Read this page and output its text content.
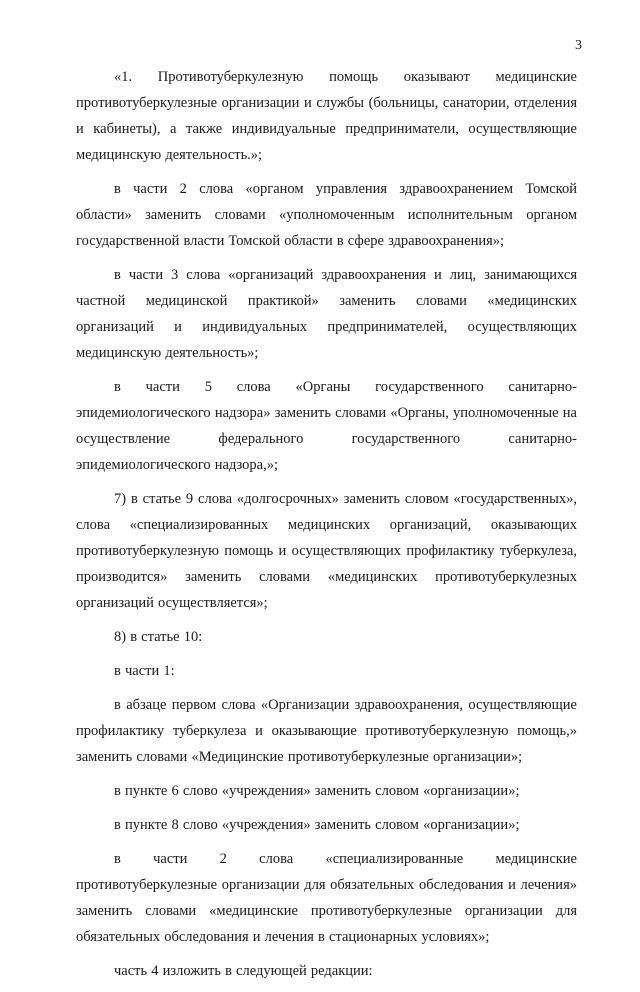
3

«1. Противотуберкулезную помощь оказывают медицинские противотуберкулезные организации и службы (больницы, санатории, отделения и кабинеты), а также индивидуальные предприниматели, осуществляющие медицинскую деятельность.»;

в части 2 слова «органом управления здравоохранением Томской области» заменить словами «уполномоченным исполнительным органом государственной власти Томской области в сфере здравоохранения»;

в части 3 слова «организаций здравоохранения и лиц, занимающихся частной медицинской практикой» заменить словами «медицинских организаций и индивидуальных предпринимателей, осуществляющих медицинскую деятельность»;

в части 5 слова «Органы государственного санитарно-эпидемиологического надзора» заменить словами «Органы, уполномоченные на осуществление федерального государственного санитарно-эпидемиологического надзора,»;

7) в статье 9 слова «долгосрочных» заменить словом «государственных», слова «специализированных медицинских организаций, оказывающих противотуберкулезную помощь и осуществляющих профилактику туберкулеза, производится» заменить словами «медицинских противотуберкулезных организаций осуществляется»;

8) в статье 10:

в части 1:

в абзаце первом слова «Организации здравоохранения, осуществляющие профилактику туберкулеза и оказывающие противотуберкулезную помощь,» заменить словами «Медицинские противотуберкулезные организации»;

в пункте 6 слово «учреждения» заменить словом «организации»;

в пункте 8 слово «учреждения» заменить словом «организации»;

в части 2 слова «специализированные медицинские противотуберкулезные организации для обязательных обследования и лечения» заменить словами «медицинские противотуберкулезные организации для обязательных обследования и лечения в стационарных условиях»;

часть 4 изложить в следующей редакции:
